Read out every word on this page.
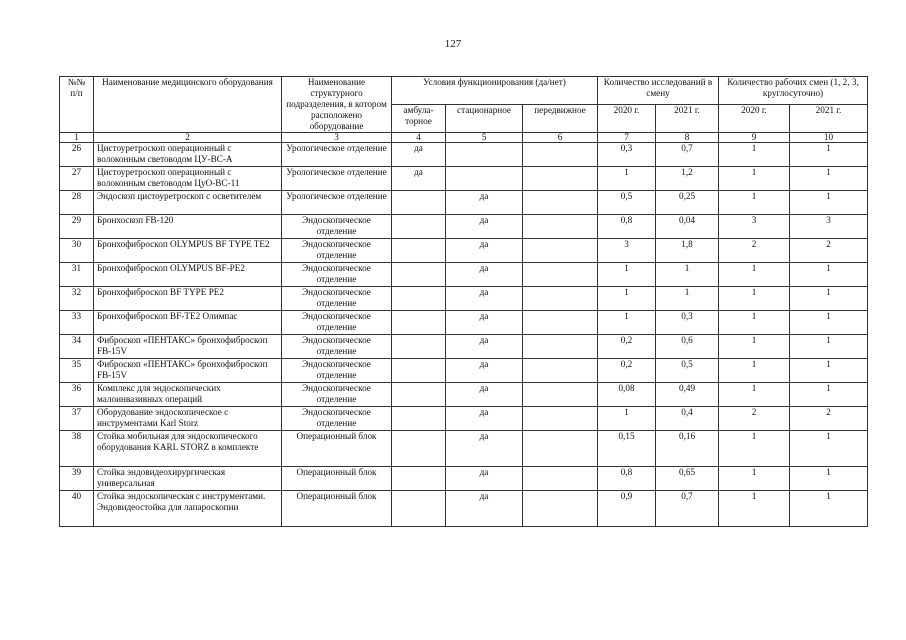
127
№№ п/п	Наименование медицинского оборудования	Наименование структурного подразделения, в котором расположено оборудование	Условия функционирования (да/нет)			Количество исследований в смену		Количество рабочих смен (1, 2, 3, круглосуточно)	
			амбула-торное	стационарное	передвижное	2020 г.	2021 г.	2020 г.	2021 г.
1	2	3	4	5	6	7	8	9	10
26	Цистоуретроскоп операционный с волоконным световодом ЦУ-ВС-А	Урологическое отделение	да			0,3	0,7	1	1
27	Цистоуретроскоп операционный с волоконным световодом ЦуО-ВС-11	Урологическое отделение	да			1	1,2	1	1
28	Эндоскоп цистоуретроскоп с осветителем	Урологическое отделение		да		0,5	0,25	1	1
29	Бронхоскоп FB-120	Эндоскопическое отделение		да		0,8	0,04	3	3
30	Бронхофиброскоп OLYMPUS BF TYPE TE2	Эндоскопическое отделение		да		3	1,8	2	2
31	Бронхофиброскоп OLYMPUS BF-PE2	Эндоскопическое отделение		да		1	1	1	1
32	Бронхофиброскоп BF TYPE PE2	Эндоскопическое отделение		да		1	1	1	1
33	Бронхофиброскоп BF-TE2 Олимпас	Эндоскопическое отделение		да		1	0,3	1	1
34	Фиброскоп «ПЕНТАКС» бронхофиброскоп FB-15V	Эндоскопическое отделение		да		0,2	0,6	1	1
35	Фиброскоп «ПЕНТАКС» бронхофиброскоп FB-15V	Эндоскопическое отделение		да		0,2	0,5	1	1
36	Комплекс для эндоскопических малоинвазивных операций	Эндоскопическое отделение		да		0,08	0,49	1	1
37	Оборудование эндоскопическое с инструментами Karl Storz	Эндоскопическое отделение		да		1	0,4	2	2
38	Стойка мобильная для эндоскопического оборудования KARL STORZ в комплекте	Операционный блок		да		0,15	0,16	1	1
39	Стойка эндовидеохирургическая универсальная	Операционный блок		да		0,8	0,65	1	1
40	Стойка эндоскопическая с инструментами. Эндовидеостойка для лапароскопии	Операционный блок		да		0,9	0,7	1	1
